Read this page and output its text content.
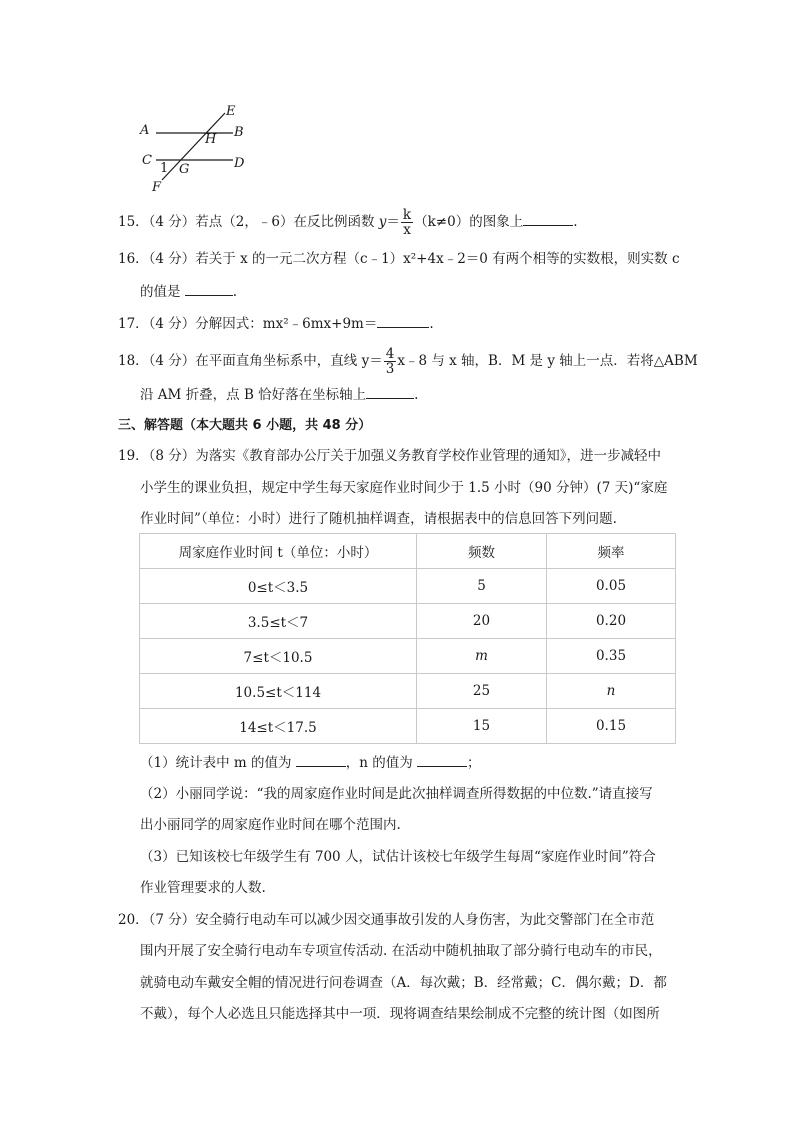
A	B
C	D
E
H
G
F
1
15．（4 分）若点（2，﹣6）在反比例函数 $y= \frac{k}{x} (k\ne 0)$的图象上	.
16．（4 分）若关于 x 的一元二次方程（c﹣1）x²+4x﹣2＝0 有两个相等的实数根，则实数 c
的值是	.
17．（4 分）分解因式：mx²﹣6mx+9m＝	.
18．（4 分）在平面直角坐标系中，直线 $y= \frac{4}{3}$ x﹣8 与 x 轴，B．M 是 y 轴上一点．若将△ABM
沿 AM 折叠，点 B 恰好落在坐标轴上	.
三、解答题（本大题共 6 小题，共 48 分）
19．（8 分）为落实《教育部办公厅关于加强义务教育学校作业管理的通知》，进一步减轻中
小学生的课业负担，规定中学生每天家庭作业时间少于 1.5 小时（90 分钟）(7 天)“家庭
作业时间”（单位：小时）进行了随机抽样调查，请根据表中的信息回答下列问题.
周家庭作业时间 t（单位：小时）	频数	频率
0≤t＜3.5	5	0.05
3.5≤t＜7	20	0.20
7≤t＜10.5	m	0.35
10.5≤t＜114	25	n
14≤t＜17.5	15	0.15
（1）统计表中 m 的值为	，n 的值为	；
（2）小丽同学说：“我的周家庭作业时间是此次抽样调查所得数据的中位数.”请直接写
出小丽同学的周家庭作业时间在哪个范围内.
（3）已知该校七年级学生有 700 人，试估计该校七年级学生每周“家庭作业时间”符合
作业管理要求的人数.
20．（7 分）安全骑行电动车可以减少因交通事故引发的人身伤害，为此交警部门在全市范
围内开展了安全骑行电动车专项宣传活动. 在活动中随机抽取了部分骑行电动车的市民，
就骑电动车戴安全帽的情况进行问卷调查（A．每次戴；B．经常戴；C．偶尔戴；D．都
不戴），每个人必选且只能选择其中一项．现将调查结果绘制成不完整的统计图（如图所
